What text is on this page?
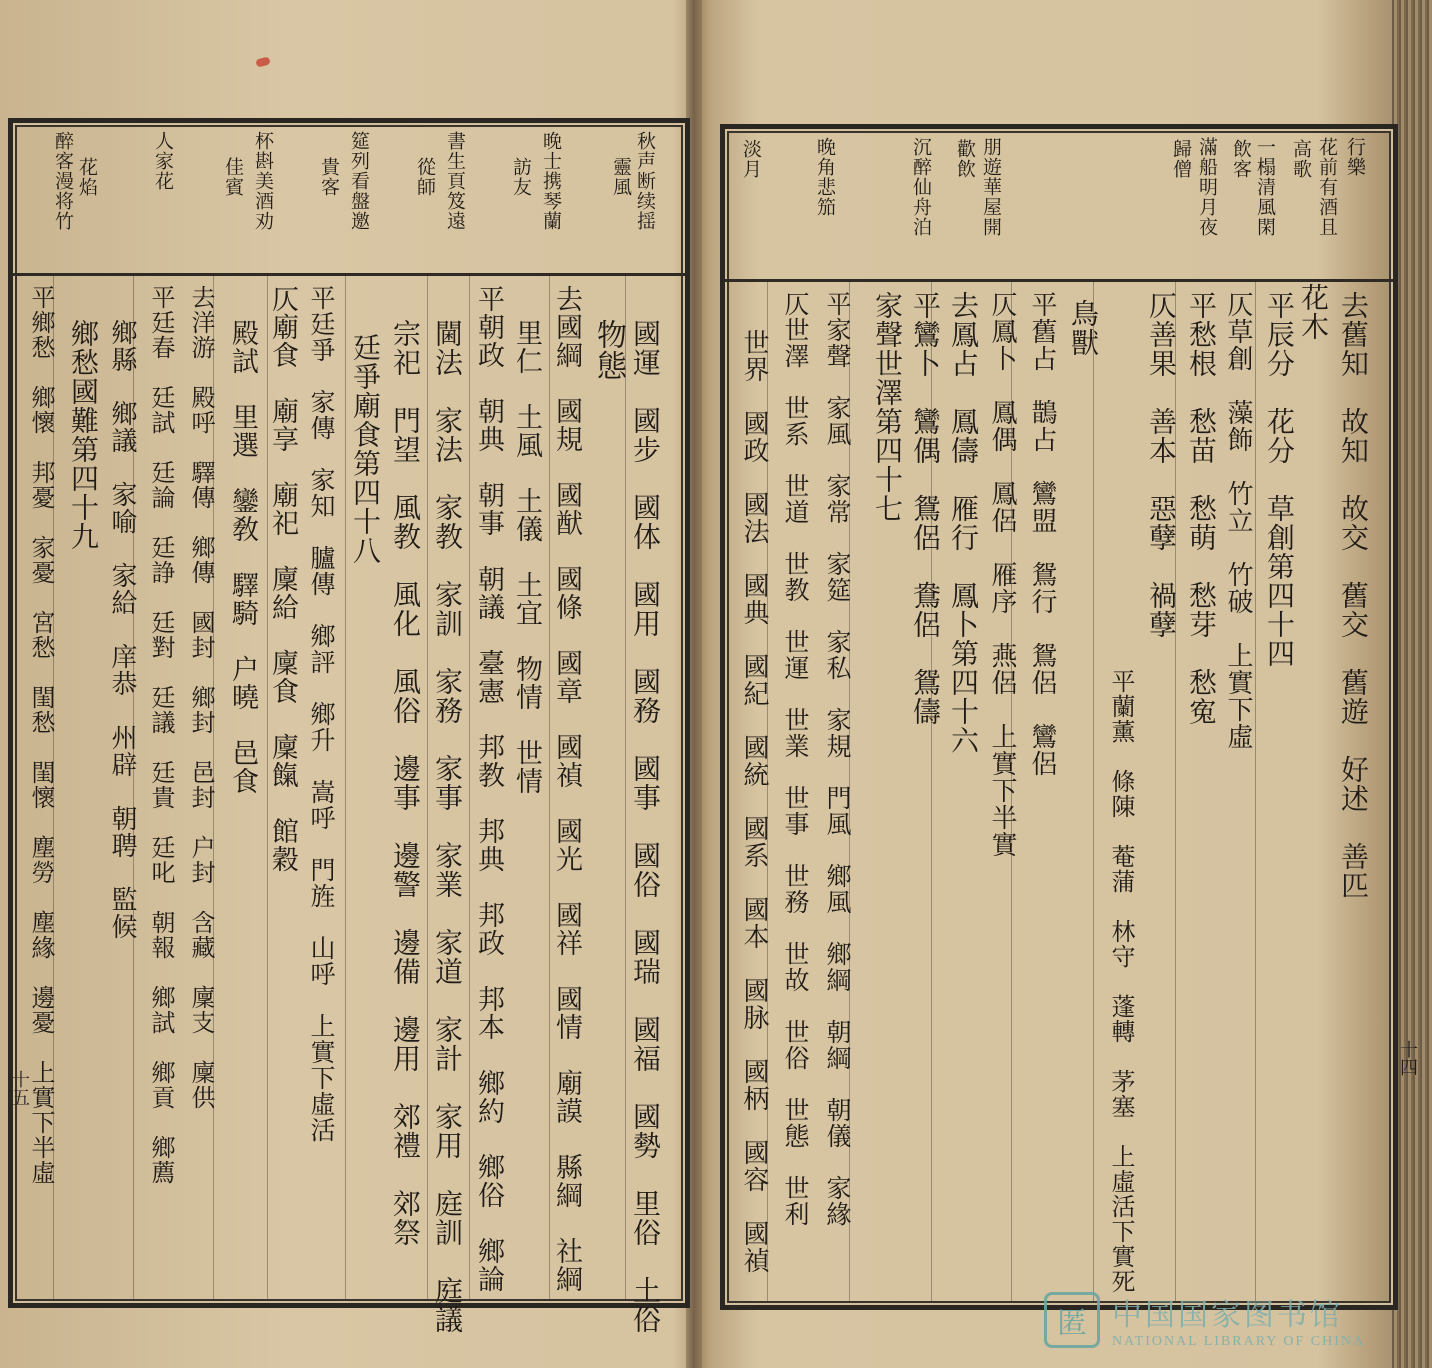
秋声断续揺
靈風
晚士携琴蘭
訪友
書生頁笈遠
從師
筵列看盤邀
貴客
杯斟美酒劝
佳賓
人家花
花焰
醉客漫将竹
國運　國步　國体　國用　國務　國事　國俗　國瑞　國福　國勢　里俗　土俗
物態
去國綱　國規　國猷　國條　國章　國禎　國光　國祥　國情　廟謨　縣綱　社綱
里仁　土風　土儀　土宜　物情　世情
平朝政　朝典　朝事　朝議　臺憲　邦教　邦典　邦政　邦本　鄉約　鄉俗　鄉論
閫法　家法　家教　家訓　家務　家事　家業　家道　家計　家用　庭訓　庭議
宗祀　門望　風教　風化　風俗　邊事　邊警　邊備　邊用　郊禮　郊祭
廷爭廟食第四十八
平廷爭　家傳　家知　臚傳　鄉評　鄉升　嵩呼　門旌　山呼　上實下虛活
仄廟食　廟享　廟祀　廩給　廩食　廩餼　館穀
殿試　里選　鑾敎　驛騎　户曉　邑食
去洋游　殿呼　驛傳　鄉傳　國封　鄉封　邑封　户封　含藏　廩支　廩供
平廷春　廷試　廷論　廷諍　廷對　廷議　廷貴　廷叱　朝報　鄉試　鄉貢　鄉薦
鄉縣　鄉議　家喻　家給　庠恭　州辟　朝聘　監候
鄉愁國難第四十九
平鄉愁　鄉懷　邦憂　家憂　宮愁　閨愁　閨懷　塵勞　塵緣　邊憂　上實下半虛
十五
行樂
花前有酒且
高歌
一榻清風閑
飲客
滿船明月夜
歸僧
朋遊華屋開
歡飲
沉醉仙舟泊
晚角悲笳
淡月
去舊知　故知　故交　舊交　舊遊　好述　善匹
花木
平辰分　花分　草創第四十四
仄草創　藻飾　竹立　竹破　上實下虛
平愁根　愁苗　愁萌　愁芽　愁寃
仄善果　善本　惡孽　禍孽
平蘭薰　條陳　菴蒲　林守　蓬轉　茅塞　上虛活下實死
鳥獸
平舊占　鵲占　鸞盟　鴛行　鴛侶　鸞侶
仄鳳卜　鳳偶　鳳侶　雁序　燕侶　上實下半實
去鳳占　鳳儔　雁行　鳳卜第四十六
平鸞卜　鸞偶　鴛侶　鴦侶　鴛儔
家聲世澤第四十七
平家聲　家風　家常　家筵　家私　家規　門風　鄉風　鄉綱　朝綱　朝儀　家緣
仄世澤　世系　世道　世教　世運　世業　世事　世務　世故　世俗　世態　世利
世界　國政　國法　國典　國紀　國統　國系　國本　國脉　國柄　國容　國禎	十四
匿 中国国家图书馆
NATIONAL LIBRARY OF CHINA
